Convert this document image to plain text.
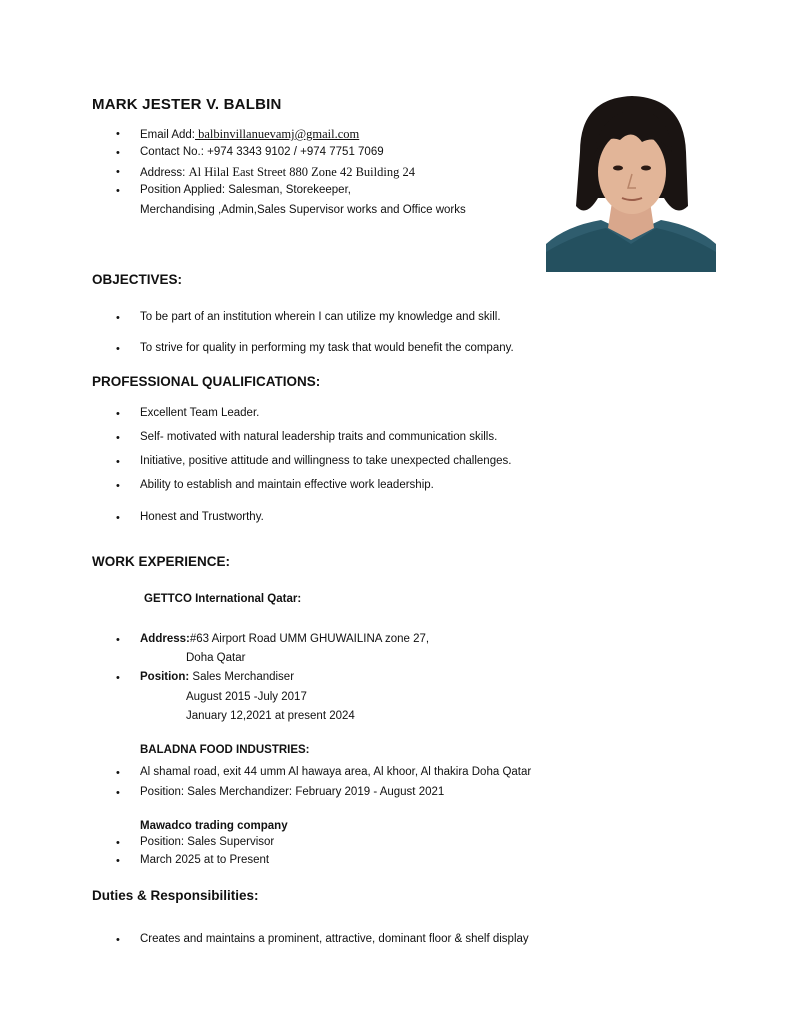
MARK JESTER V. BALBIN
• Email Add: balbinvillanuevamj@gmail.com
• Contact No.: +974 3343 9102 / +974 7751 7069
• Address: Al Hilal East Street 880 Zone 42 Building 24
• Position Applied: Salesman, Storekeeper,
Merchandising ,Admin,Sales Supervisor works and Office works
OBJECTIVES:
• To be part of an institution wherein I can utilize my knowledge and skill.
• To strive for quality in performing my task that would benefit the company.
PROFESSIONAL QUALIFICATIONS:
• Excellent Team Leader.
• Self- motivated with natural leadership traits and communication skills.
• Initiative, positive attitude and willingness to take unexpected challenges.
• Ability to establish and maintain effective work leadership.
• Honest and Trustworthy.
WORK EXPERIENCE:
GETTCO International Qatar:
• Address:#63 Airport Road UMM GHUWAILINA zone 27,
Doha Qatar
• Position: Sales Merchandiser
August 2015 -July 2017
January 12,2021 at present 2024
BALADNA FOOD INDUSTRIES:
• Al shamal road, exit 44 umm Al hawaya area, Al khoor, Al thakira Doha Qatar
• Position: Sales Merchandizer: February 2019 - August 2021
Mawadco trading company
• Position: Sales Supervisor
• March 2025 at to Present
Duties & Responsibilities:
• Creates and maintains a prominent, attractive, dominant floor & shelf display
